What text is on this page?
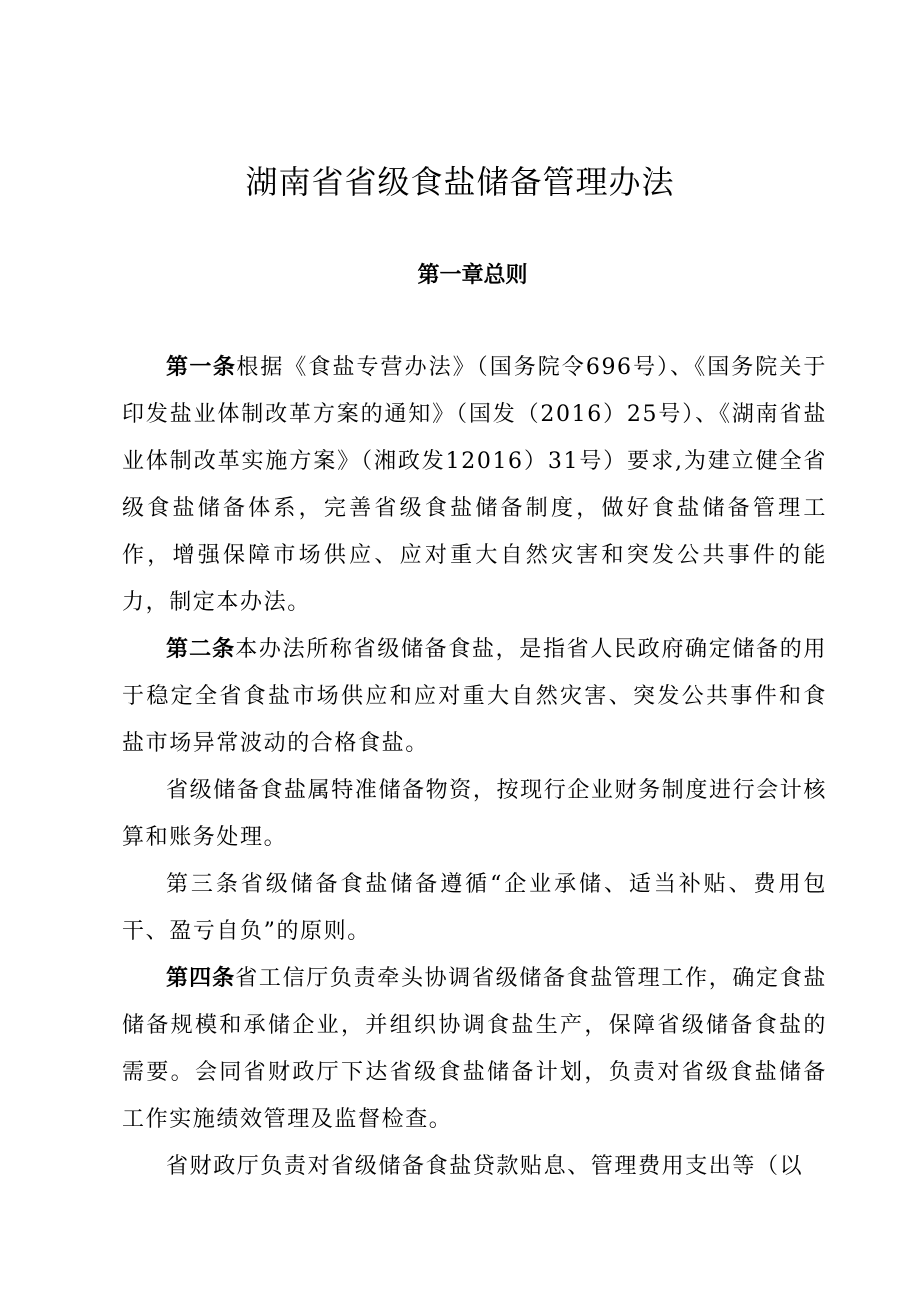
湖南省省级食盐储备管理办法
第一章总则

第一条根据《食盐专营办法》（国务院令696号）、《国务院关于印发盐业体制改革方案的通知》（国发（2016）25号）、《湖南省盐业体制改革实施方案》（湘政发12016）31号）要求,为建立健全省级食盐储备体系，完善省级食盐储备制度，做好食盐储备管理工作，增强保障市场供应、应对重大自然灾害和突发公共事件的能力，制定本办法。

第二条本办法所称省级储备食盐，是指省人民政府确定储备的用于稳定全省食盐市场供应和应对重大自然灾害、突发公共事件和食盐市场异常波动的合格食盐。

省级储备食盐属特准储备物资，按现行企业财务制度进行会计核算和账务处理。

第三条省级储备食盐储备遵循“企业承储、适当补贴、费用包干、盈亏自负”的原则。

第四条省工信厅负责牵头协调省级储备食盐管理工作，确定食盐储备规模和承储企业，并组织协调食盐生产，保障省级储备食盐的需要。会同省财政厅下达省级食盐储备计划，负责对省级食盐储备工作实施绩效管理及监督检查。

省财政厅负责对省级储备食盐贷款贴息、管理费用支出等（以
